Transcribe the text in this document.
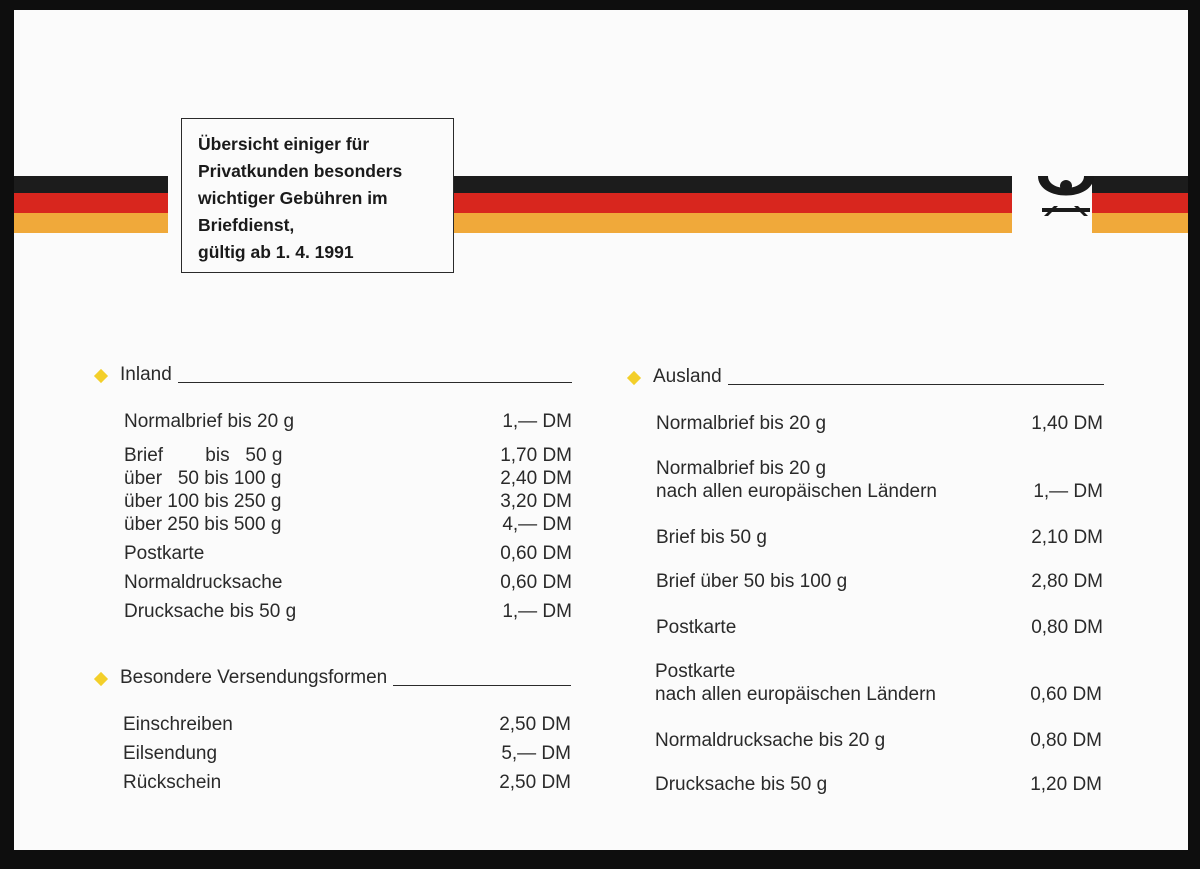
Übersicht einiger für
Privatkunden besonders
wichtiger Gebühren im
Briefdienst,
gültig ab 1. 4. 1991
Inland
Normalbrief bis 20 g	1,— DM
Brief        bis   50 g	1,70 DM
über   50 bis 100 g	2,40 DM
über 100 bis 250 g	3,20 DM
über 250 bis 500 g	4,— DM
Postkarte	0,60 DM
Normaldrucksache	0,60 DM
Drucksache bis 50 g	1,— DM
Besondere Versendungsformen
Einschreiben	2,50 DM
Eilsendung	5,— DM
Rückschein	2,50 DM
Ausland
Normalbrief bis 20 g	1,40 DM
Normalbrief bis 20 g
nach allen europäischen Ländern	1,— DM
Brief bis 50 g	2,10 DM
Brief über 50 bis 100 g	2,80 DM
Postkarte	0,80 DM
Postkarte
nach allen europäischen Ländern	0,60 DM
Normaldrucksache bis 20 g	0,80 DM
Drucksache bis 50 g	1,20 DM
